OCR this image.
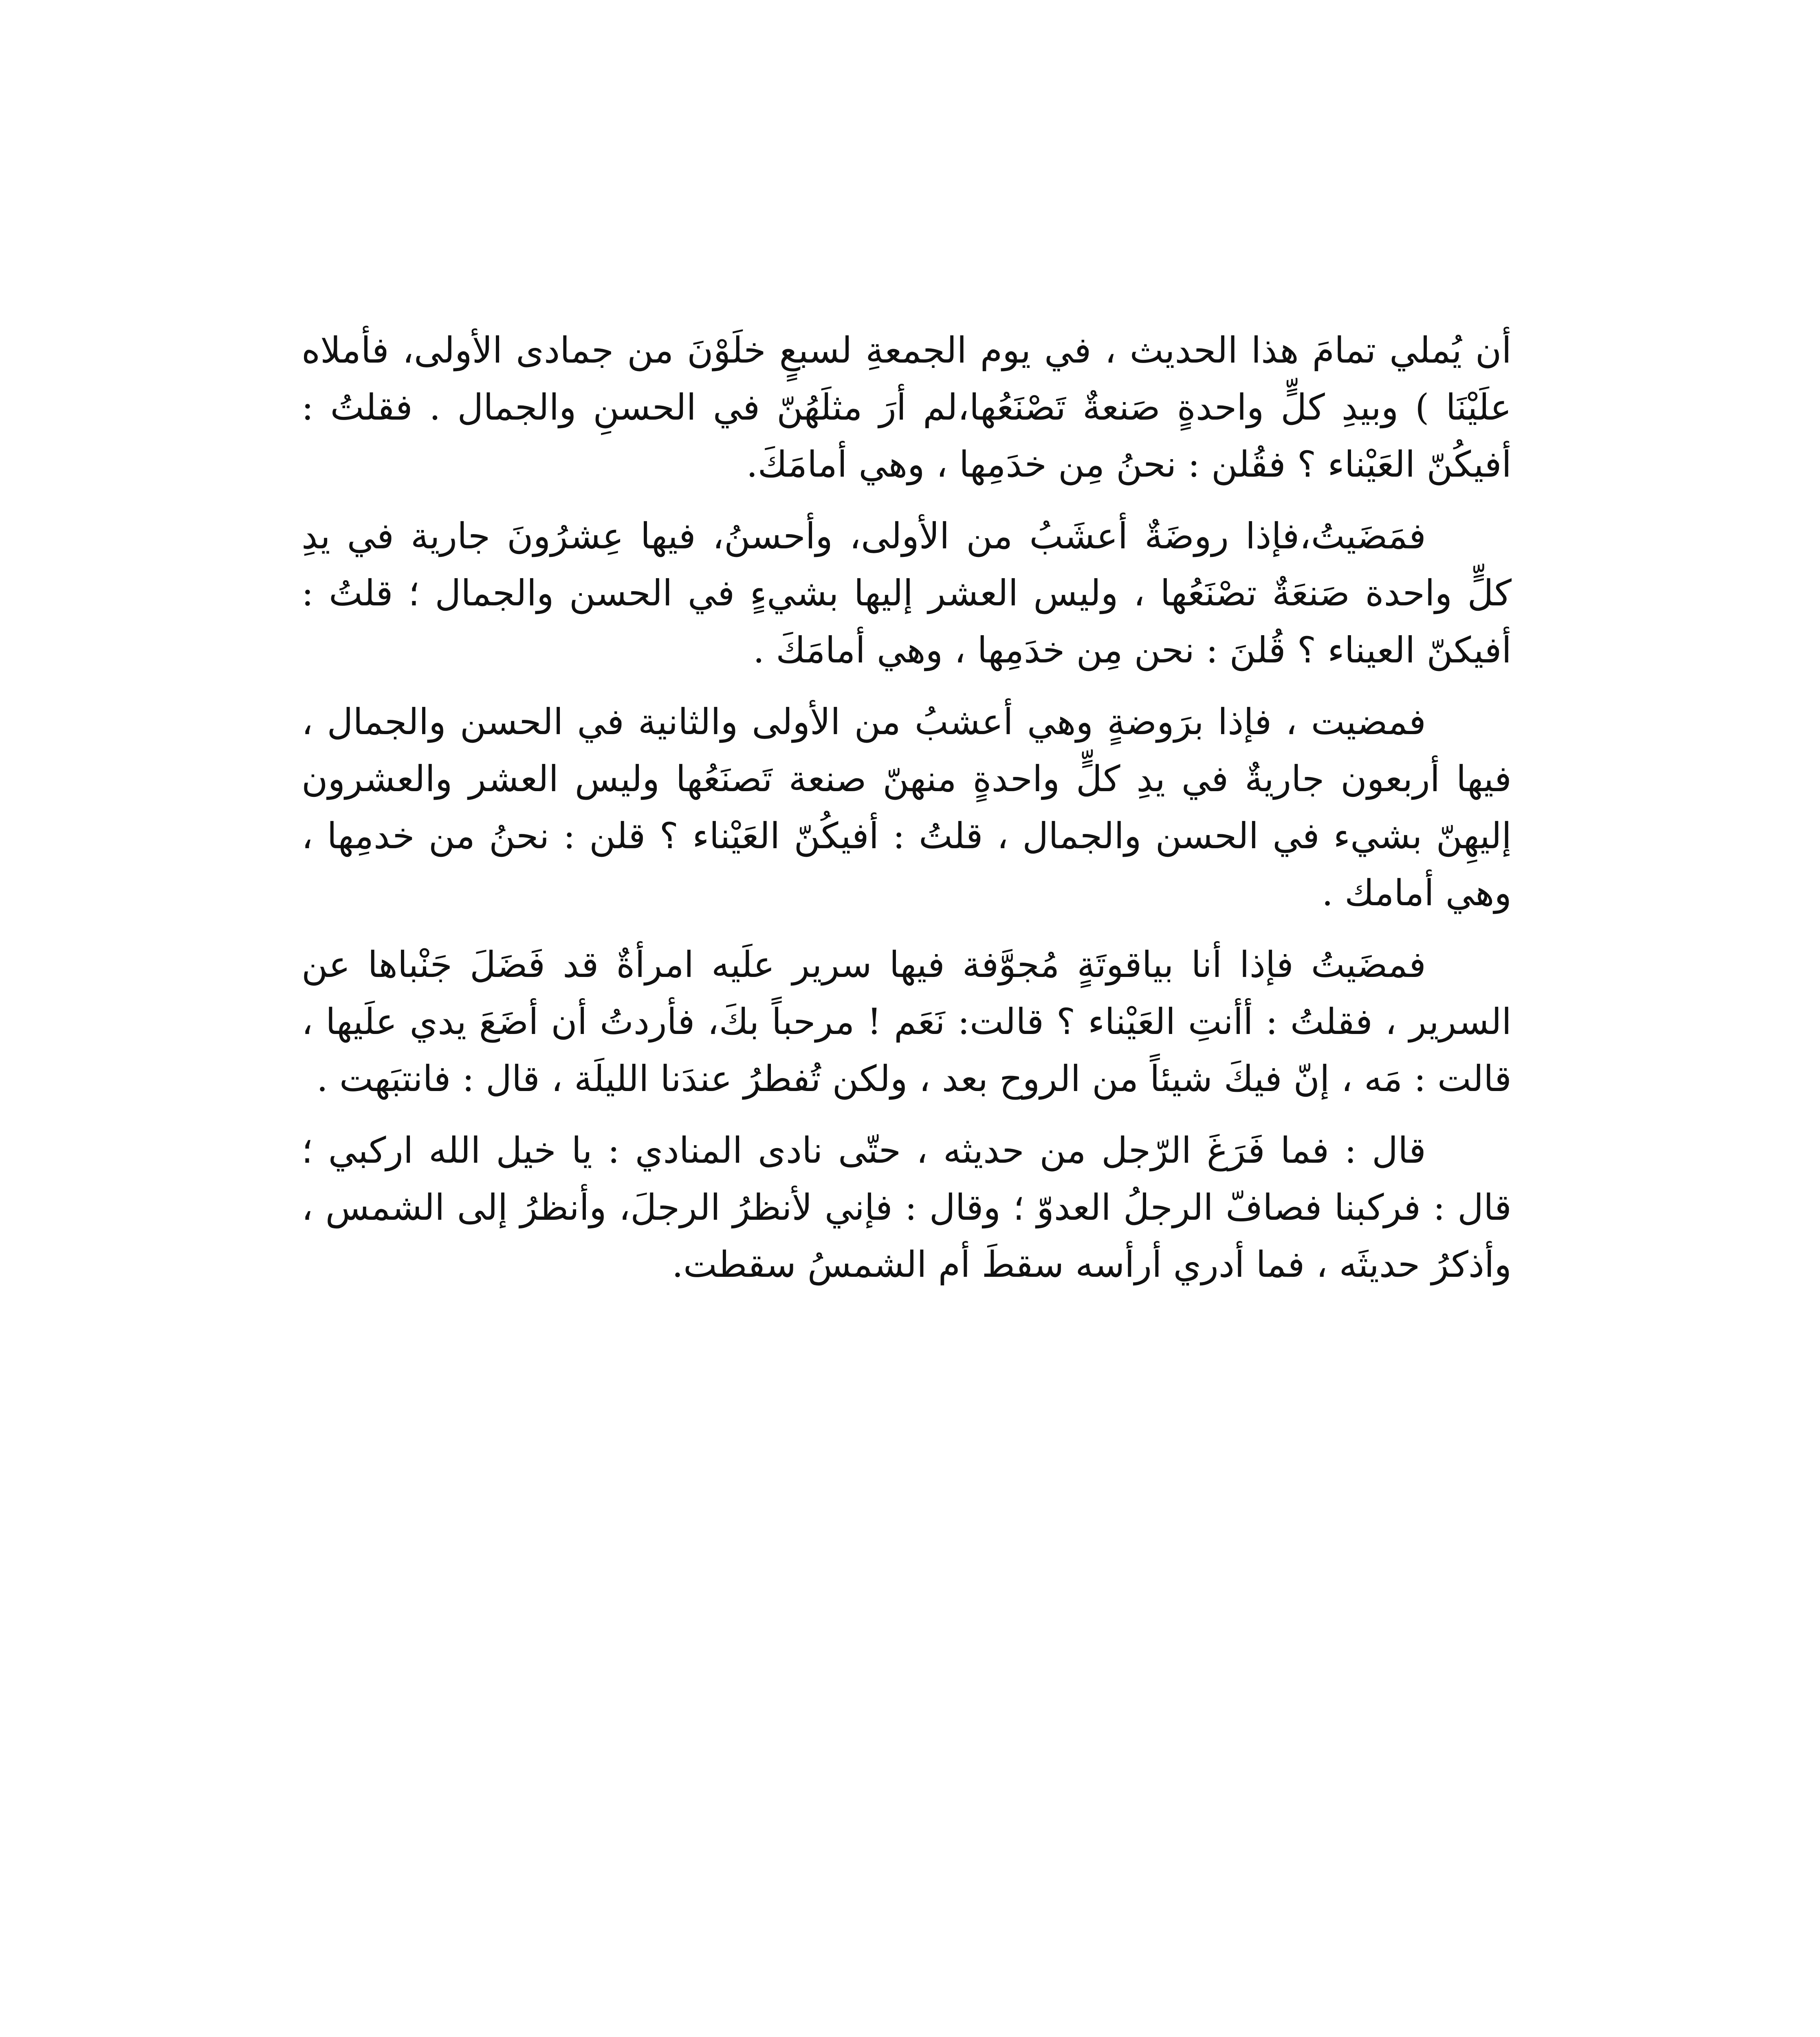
أن يُملي تمامَ هذا الحديث ، في يوم الجمعةِ لسبعٍ خلَوْنَ من جمادى الأولى، فأملاه علَيْنَا ) وبيدِ كلٍّ واحدةٍ صَنعةٌ تَصْنَعُها،لم أرَ مثلَهُنّ في الحسنِ والجمال . فقلتُ : أفيكُنّ العَيْناء ؟ فقُلن : نحنُ مِن خدَمِها ، وهي أمامَكَ.

فمَضَيتُ،فإذا روضَةٌ أعشَبُ من الأولى، وأحسنُ، فيها عِشرُونَ جارية في يدِ كلٍّ واحدة صَنعَةٌ تصْنَعُها ، وليس العشر إليها بشيءٍ في الحسن والجمال ؛ قلتُ : أفيكنّ العيناء ؟ قُلنَ : نحن مِن خدَمِها ، وهي أمامَكَ .

فمضيت ، فإذا برَوضةٍ وهي أعشبُ من الأولى والثانية في الحسن والجمال ، فيها أربعون جاريةٌ في يدِ كلٍّ واحدةٍ منهنّ صنعة تَصنَعُها وليس العشر والعشرون إليهِنّ بشيء في الحسن والجمال ، قلتُ : أفيكُنّ العَيْناء ؟ قلن : نحنُ من خدمِها ، وهي أمامك .

فمضَيتُ فإذا أنا بياقوتَةٍ مُجوَّفة فيها سرير علَيه امرأةٌ قد فَضَلَ جَنْباها عن السرير ، فقلتُ : أأنتِ العَيْناء ؟ قالت: نَعَم ! مرحباً بكَ، فأردتُ أن أضَعَ يدي علَيها ، قالت : مَه ، إنّ فيكَ شيئاً من الروح بعد ، ولكن تُفطرُ عندَنا الليلَة ، قال : فانتبَهت .

قال : فما فَرَغَ الرّجل من حديثه ، حتّى نادى المنادي : يا خيل الله اركبي ؛ قال : فركبنا فصافّ الرجلُ العدوّ ؛ وقال : فإني لأنظرُ الرجلَ، وأنظرُ إلى الشمس ، وأذكرُ حديثَه ، فما أدري أرأسه سقطَ أم الشمسُ سقطت.
